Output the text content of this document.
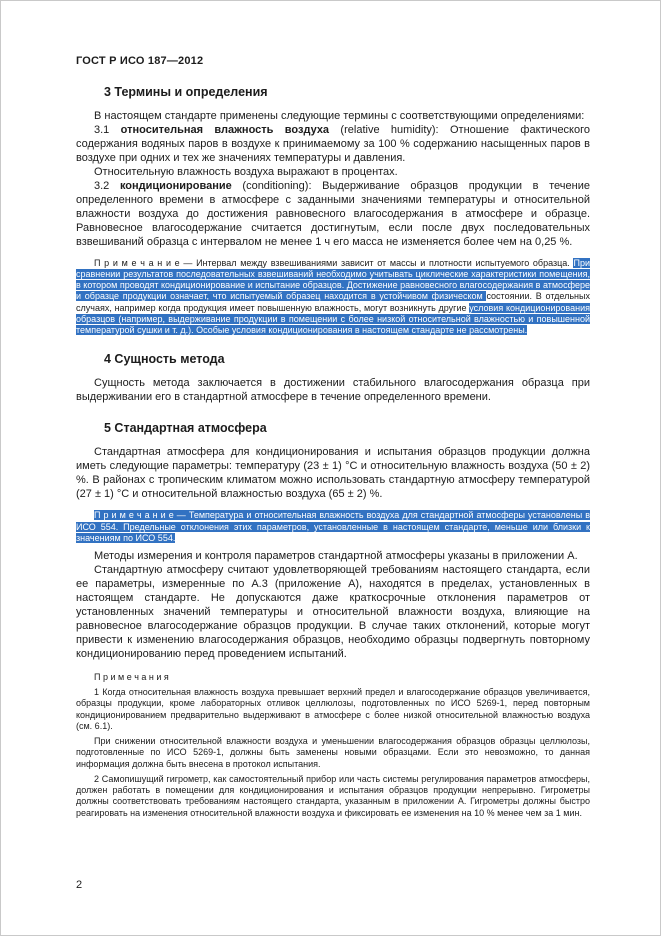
ГОСТ Р ИСО 187—2012
3 Термины и определения

В настоящем стандарте применены следующие термины с соответствующими определениями:

3.1 относительная влажность воздуха (relative humidity): Отношение фактического содержания водяных паров в воздухе к принимаемому за 100 % содержанию насыщенных паров в воздухе при одних и тех же значениях температуры и давления.

Относительную влажность воздуха выражают в процентах.

3.2 кондиционирование (conditioning): Выдерживание образцов продукции в течение определенного времени в атмосфере с заданными значениями температуры и относительной влажности воздуха до достижения равновесного влагосодержания в атмосфере и образце. Равновесное влагосодержание считается достигнутым, если после двух последовательных взвешиваний образца с интервалом не менее 1 ч его масса не изменяется более чем на 0,25 %.

П р и м е ч а н и е — Интервал между взвешиваниями зависит от массы и плотности испытуемого образца. При сравнении результатов последовательных взвешиваний необходимо учитывать циклические характеристики помещения, в котором проводят кондиционирование и испытание образцов. Достижение равновесного влагосодержания в атмосфере и образце продукции означает, что испытуемый образец находится в устойчивом физическом состоянии. В отдельных случаях, например когда продукция имеет повышенную влажность, могут возникнуть другие условия кондиционирования образцов (например, выдерживание продукции в помещении с более низкой относительной влажностью и повышенной температурой сушки и т. д.). Особые условия кондиционирования в настоящем стандарте не рассмотрены.

4 Сущность метода

Сущность метода заключается в достижении стабильного влагосодержания образца при выдерживании его в стандартной атмосфере в течение определенного времени.

5 Стандартная атмосфера

Стандартная атмосфера для кондиционирования и испытания образцов продукции должна иметь следующие параметры: температуру (23 ± 1) °С и относительную влажность воздуха (50 ± 2) %. В районах с тропическим климатом можно использовать стандартную атмосферу температурой (27 ± 1) °С и относительной влажностью воздуха (65 ± 2) %.

П р и м е ч а н и е — Температура и относительная влажность воздуха для стандартной атмосферы установлены в ИСО 554. Предельные отклонения этих параметров, установленные в настоящем стандарте, меньше или близки к значениям по ИСО 554.

Методы измерения и контроля параметров стандартной атмосферы указаны в приложении А.

Стандартную атмосферу считают удовлетворяющей требованиям настоящего стандарта, если ее параметры, измеренные по А.3 (приложение А), находятся в пределах, установленных в настоящем стандарте. Не допускаются даже краткосрочные отклонения параметров от установленных значений температуры и относительной влажности воздуха, влияющие на равновесное влагосодержание образцов продукции. В случае таких отклонений, которые могут привести к изменению влагосодержания образцов, необходимо образцы подвергнуть повторному кондиционированию перед проведением испытаний.

П р и м е ч а н и я

1 Когда относительная влажность воздуха превышает верхний предел и влагосодержание образцов увеличивается, образцы продукции, кроме лабораторных отливок целлюлозы, подготовленных по ИСО 5269-1, перед повторным кондиционированием предварительно выдерживают в атмосфере с более низкой относительной влажностью воздуха (см. 6.1).

При снижении относительной влажности воздуха и уменьшении влагосодержания образцов образцы целлюлозы, подготовленные по ИСО 5269-1, должны быть заменены новыми образцами. Если это невозможно, то данная информация должна быть внесена в протокол испытания.

2 Самопишущий гигрометр, как самостоятельный прибор или часть системы регулирования параметров атмосферы, должен работать в помещении для кондиционирования и испытания образцов продукции непрерывно. Гигрометры должны соответствовать требованиям настоящего стандарта, указанным в приложении А. Гигрометры должны быстро реагировать на изменения относительной влажности воздуха и фиксировать ее изменения на 10 % менее чем за 1 мин.

2
